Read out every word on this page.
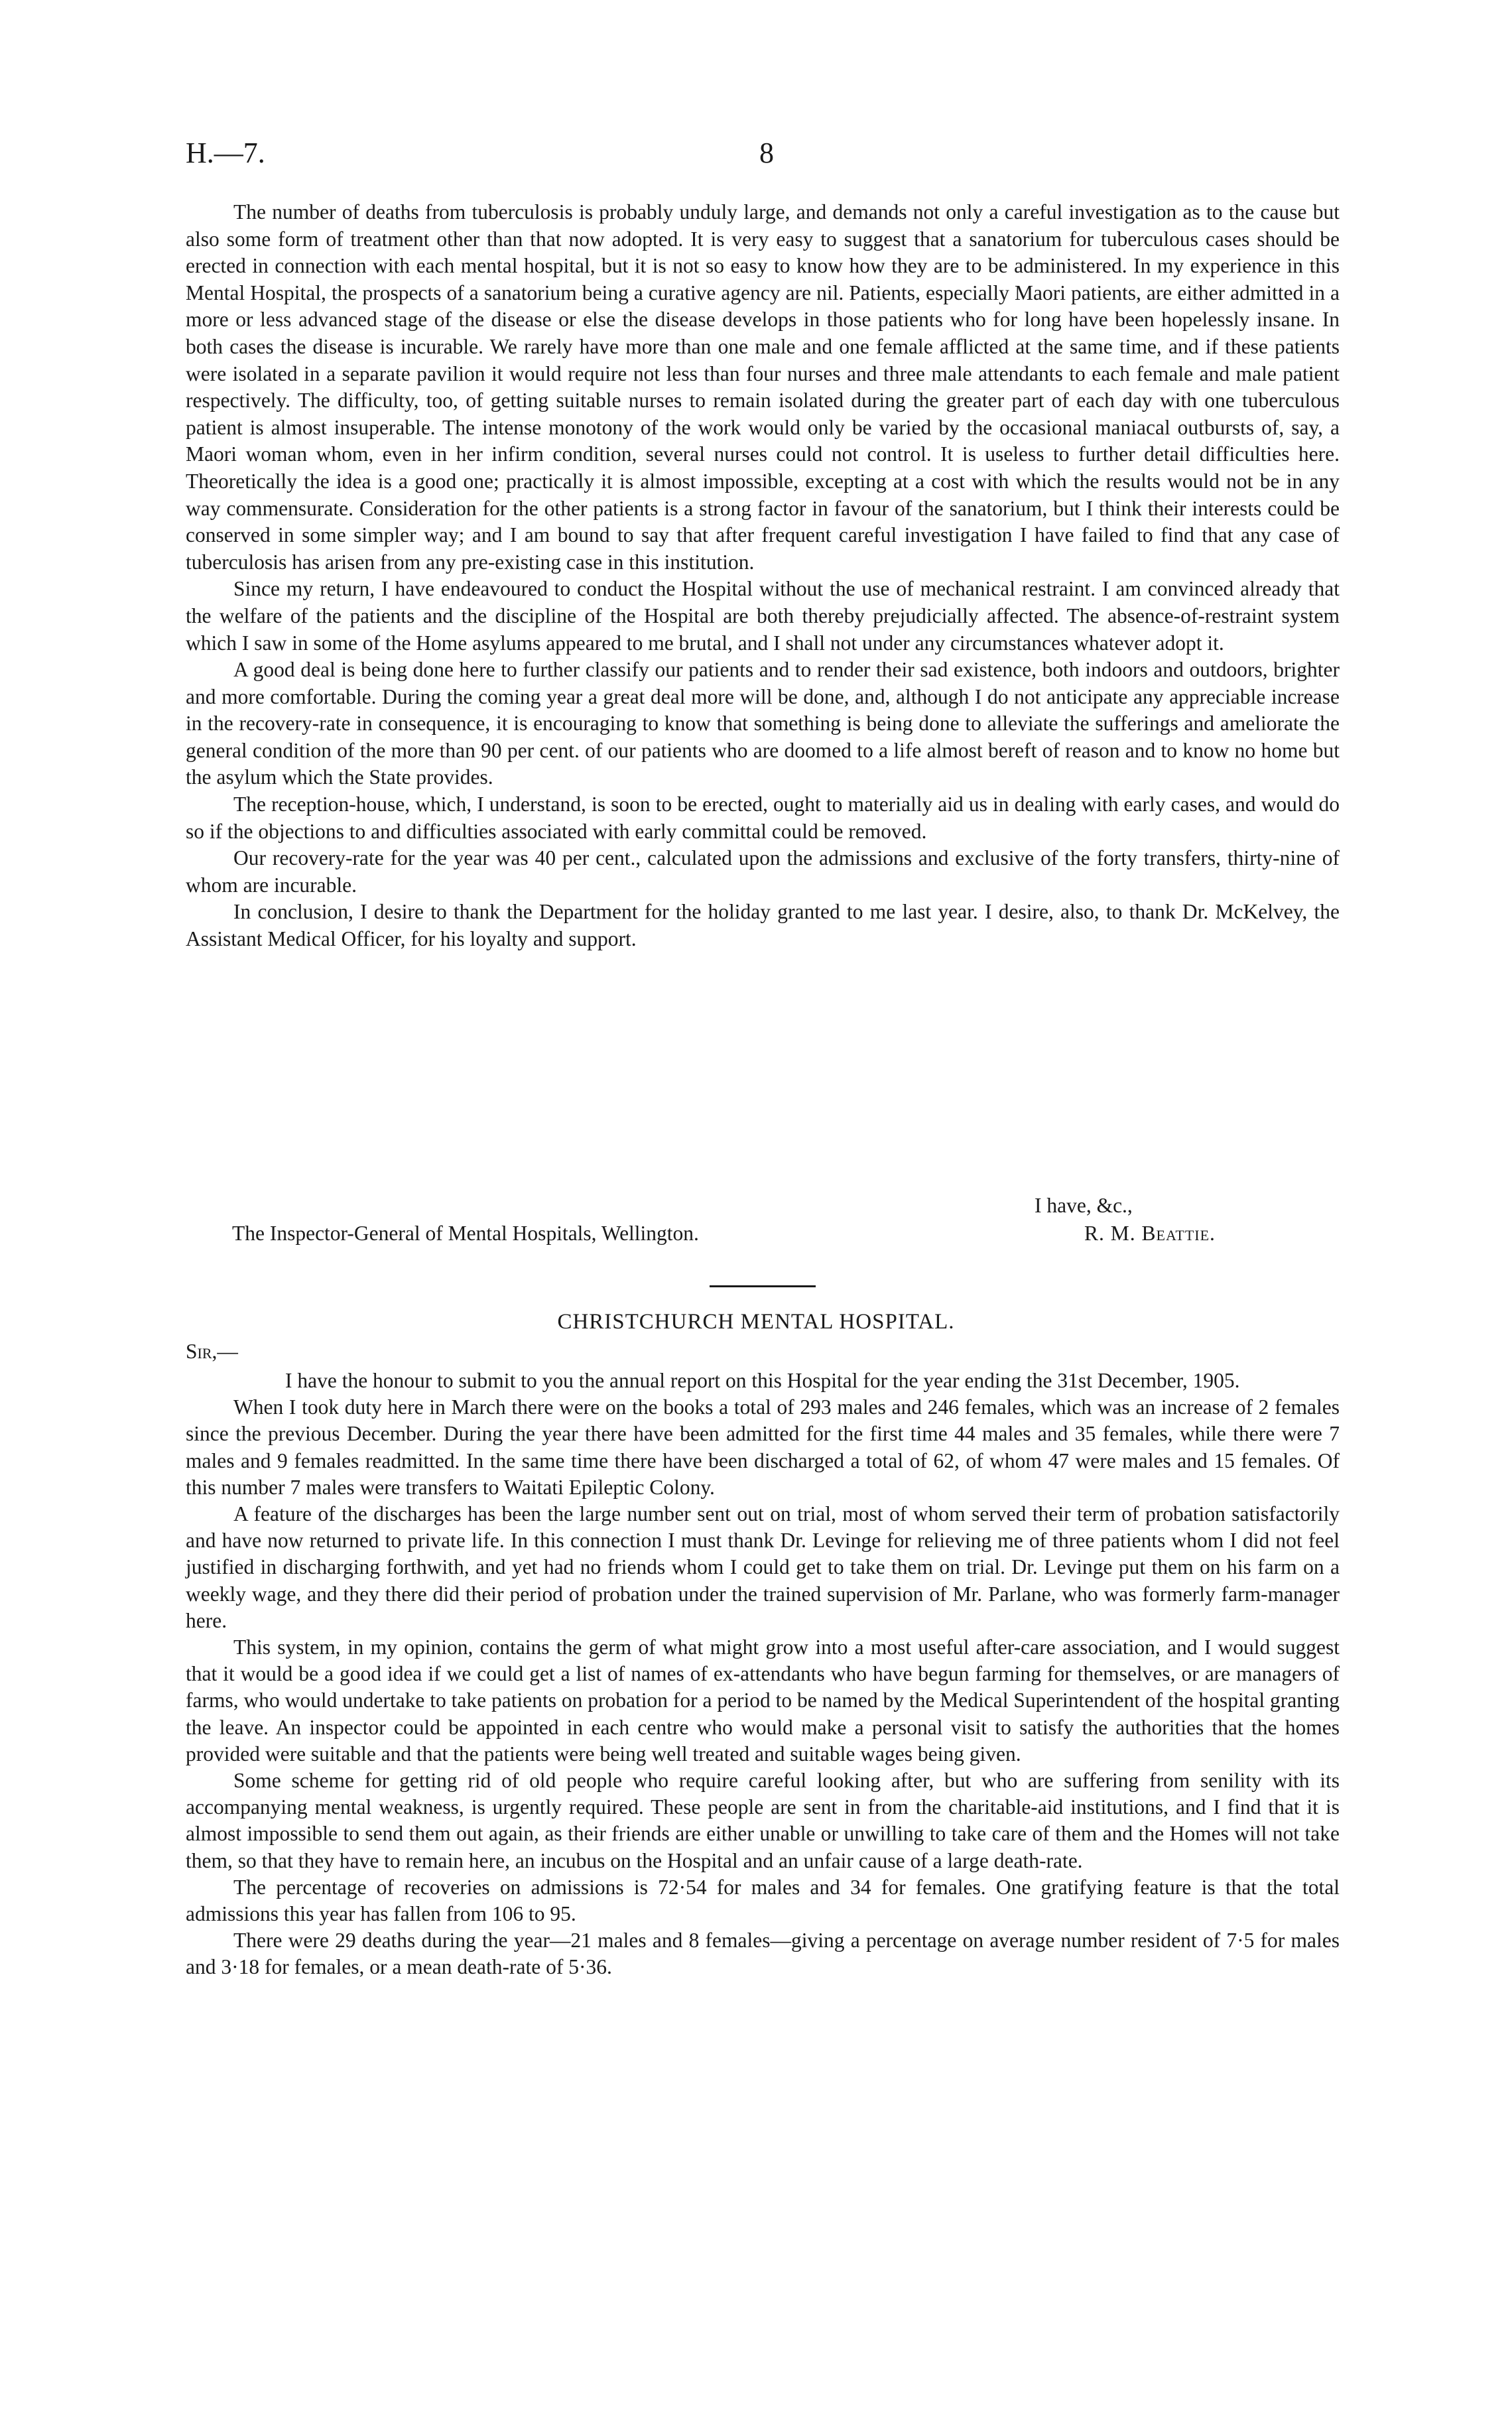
H.—7.	8

The number of deaths from tuberculosis is probably unduly large, and demands not only a careful investigation as to the cause but also some form of treatment other than that now adopted. It is very easy to suggest that a sanatorium for tuberculous cases should be erected in connection with each mental hospital, but it is not so easy to know how they are to be administered. In my experience in this Mental Hospital, the prospects of a sanatorium being a curative agency are nil. Patients, especially Maori patients, are either admitted in a more or less advanced stage of the disease or else the disease develops in those patients who for long have been hopelessly insane. In both cases the disease is incurable. We rarely have more than one male and one female afflicted at the same time, and if these patients were isolated in a separate pavilion it would require not less than four nurses and three male attendants to each female and male patient respectively. The difficulty, too, of getting suitable nurses to remain isolated during the greater part of each day with one tuberculous patient is almost insuperable. The intense monotony of the work would only be varied by the occasional maniacal outbursts of, say, a Maori woman whom, even in her infirm condition, several nurses could not control. It is useless to further detail difficulties here. Theoretically the idea is a good one; practically it is almost impossible, excepting at a cost with which the results would not be in any way commensurate. Consideration for the other patients is a strong factor in favour of the sanatorium, but I think their interests could be conserved in some simpler way; and I am bound to say that after frequent careful investigation I have failed to find that any case of tuberculosis has arisen from any pre-existing case in this institution.

Since my return, I have endeavoured to conduct the Hospital without the use of mechanical restraint. I am convinced already that the welfare of the patients and the discipline of the Hospital are both thereby prejudicially affected. The absence-of-restraint system which I saw in some of the Home asylums appeared to me brutal, and I shall not under any circumstances whatever adopt it.

A good deal is being done here to further classify our patients and to render their sad existence, both indoors and outdoors, brighter and more comfortable. During the coming year a great deal more will be done, and, although I do not anticipate any appreciable increase in the recovery-rate in consequence, it is encouraging to know that something is being done to alleviate the sufferings and ameliorate the general condition of the more than 90 per cent. of our patients who are doomed to a life almost bereft of reason and to know no home but the asylum which the State provides.

The reception-house, which, I understand, is soon to be erected, ought to materially aid us in dealing with early cases, and would do so if the objections to and difficulties associated with early committal could be removed.

Our recovery-rate for the year was 40 per cent., calculated upon the admissions and exclusive of the forty transfers, thirty-nine of whom are incurable.

In conclusion, I desire to thank the Department for the holiday granted to me last year. I desire, also, to thank Dr. McKelvey, the Assistant Medical Officer, for his loyalty and support.

I have, &c.,
The Inspector-General of Mental Hospitals, Wellington.	R. M. Beattie.
CHRISTCHURCH MENTAL HOSPITAL.
Sir,—

I have the honour to submit to you the annual report on this Hospital for the year ending the 31st December, 1905.

When I took duty here in March there were on the books a total of 293 males and 246 females, which was an increase of 2 females since the previous December. During the year there have been admitted for the first time 44 males and 35 females, while there were 7 males and 9 females readmitted. In the same time there have been discharged a total of 62, of whom 47 were males and 15 females. Of this number 7 males were transfers to Waitati Epileptic Colony.

A feature of the discharges has been the large number sent out on trial, most of whom served their term of probation satisfactorily and have now returned to private life. In this connection I must thank Dr. Levinge for relieving me of three patients whom I did not feel justified in discharging forthwith, and yet had no friends whom I could get to take them on trial. Dr. Levinge put them on his farm on a weekly wage, and they there did their period of probation under the trained supervision of Mr. Parlane, who was formerly farm-manager here.

This system, in my opinion, contains the germ of what might grow into a most useful after-care association, and I would suggest that it would be a good idea if we could get a list of names of ex-attendants who have begun farming for themselves, or are managers of farms, who would undertake to take patients on probation for a period to be named by the Medical Superintendent of the hospital granting the leave. An inspector could be appointed in each centre who would make a personal visit to satisfy the authorities that the homes provided were suitable and that the patients were being well treated and suitable wages being given.

Some scheme for getting rid of old people who require careful looking after, but who are suffering from senility with its accompanying mental weakness, is urgently required. These people are sent in from the charitable-aid institutions, and I find that it is almost impossible to send them out again, as their friends are either unable or unwilling to take care of them and the Homes will not take them, so that they have to remain here, an incubus on the Hospital and an unfair cause of a large death-rate.

The percentage of recoveries on admissions is 72·54 for males and 34 for females. One gratifying feature is that the total admissions this year has fallen from 106 to 95.

There were 29 deaths during the year—21 males and 8 females—giving a percentage on average number resident of 7·5 for males and 3·18 for females, or a mean death-rate of 5·36.
